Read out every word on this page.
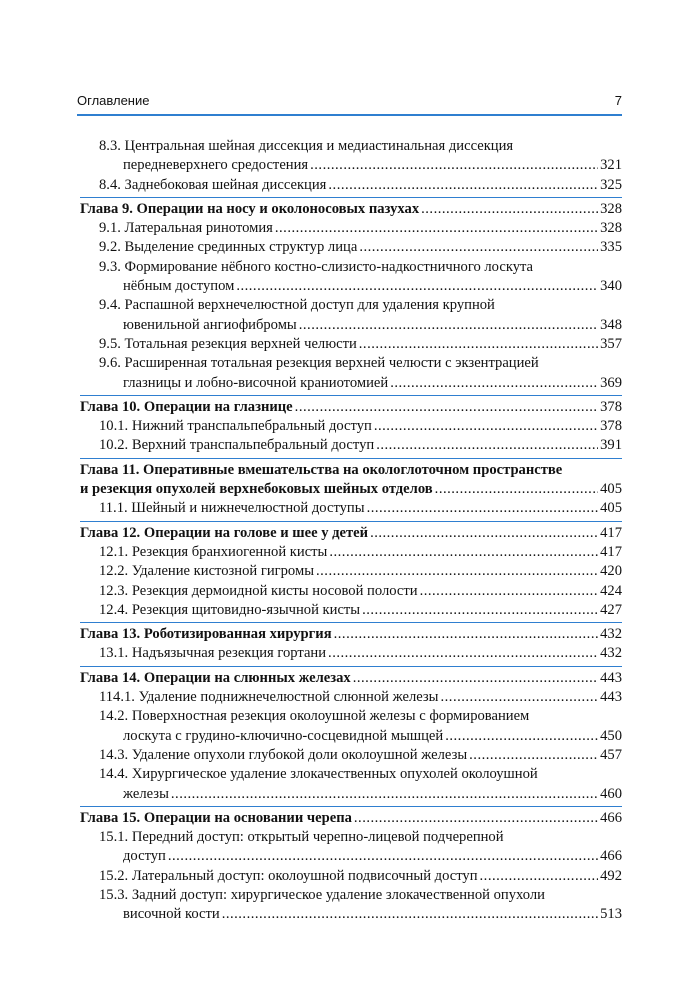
Оглавление	7
8.3. Центральная шейная диссекция и медиастинальная диссекция
передневерхнего средостения .....	321
8.4. Заднебоковая шейная диссекция .....	325
Глава 9. Операции на носу и околоносовых пазухах .....	328
9.1. Латеральная ринотомия .....	328
9.2. Выделение срединных структур лица .....	335
9.3. Формирование нёбного костно-слизисто-надкостничного лоскута
нёбным доступом .....	340
9.4. Распашной верхнечелюстной доступ для удаления крупной
ювенильной ангиофибромы .....	348
9.5. Тотальная резекция верхней челюсти .....	357
9.6. Расширенная тотальная резекция верхней челюсти с экзентрацией
глазницы и лобно-височной краниотомией .....	369
Глава 10. Операции на глазнице .....	378
10.1. Нижний транспальпебральный доступ .....	378
10.2. Верхний транспальпебральный доступ .....	391
Глава 11. Оперативные вмешательства на окологлоточном пространстве
и резекция опухолей верхнебоковых шейных отделов .....	405
11.1. Шейный и нижнечелюстной доступы .....	405
Глава 12. Операции на голове и шее у детей .....	417
12.1. Резекция бранхиогенной кисты .....	417
12.2. Удаление кистозной гигромы .....	420
12.3. Резекция дермоидной кисты носовой полости .....	424
12.4. Резекция щитовидно-язычной кисты .....	427
Глава 13. Роботизированная хирургия .....	432
13.1. Надъязычная резекция гортани .....	432
Глава 14. Операции на слюнных железах .....	443
114.1. Удаление поднижнечелюстной слюнной железы .....	443
14.2. Поверхностная резекция околоушной железы с формированием
лоскута с грудино-ключично-сосцевидной мышцей .....	450
14.3. Удаление опухоли глубокой доли околоушной железы .....	457
14.4. Хирургическое удаление злокачественных опухолей околоушной
железы .....	460
Глава 15. Операции на основании черепа .....	466
15.1. Передний доступ: открытый черепно-лицевой подчерепной
доступ .....	466
15.2. Латеральный доступ: околоушной подвисочный доступ .....	492
15.3. Задний доступ: хирургическое удаление злокачественной опухоли
височной кости .....	513
